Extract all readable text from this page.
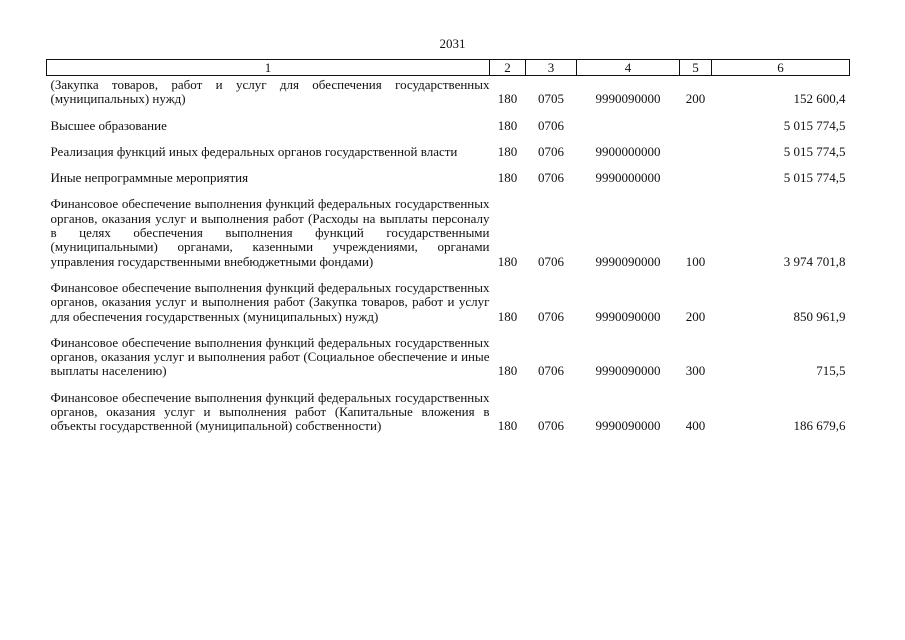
2031
1	2	3	4	5	6
(Закупка товаров, работ и услуг для обеспечения государственных (муниципальных) нужд)	180	0705	9990090000	200	152 600,4
Высшее образование	180	0706			5 015 774,5
Реализация функций иных федеральных органов государственной власти	180	0706	9900000000		5 015 774,5
Иные непрограммные мероприятия	180	0706	9990000000		5 015 774,5
Финансовое обеспечение выполнения функций федеральных государственных органов, оказания услуг и выполнения работ (Расходы на выплаты персоналу в целях обеспечения выполнения функций государственными (муниципальными) органами, казенными учреждениями, органами управления государственными внебюджетными фондами)	180	0706	9990090000	100	3 974 701,8
Финансовое обеспечение выполнения функций федеральных государственных органов, оказания услуг и выполнения работ (Закупка товаров, работ и услуг для обеспечения государственных (муниципальных) нужд)	180	0706	9990090000	200	850 961,9
Финансовое обеспечение выполнения функций федеральных государственных органов, оказания услуг и выполнения работ (Социальное обеспечение и иные выплаты населению)	180	0706	9990090000	300	715,5
Финансовое обеспечение выполнения функций федеральных государственных органов, оказания услуг и выполнения работ (Капитальные вложения в объекты государственной (муниципальной) собственности)	180	0706	9990090000	400	186 679,6
